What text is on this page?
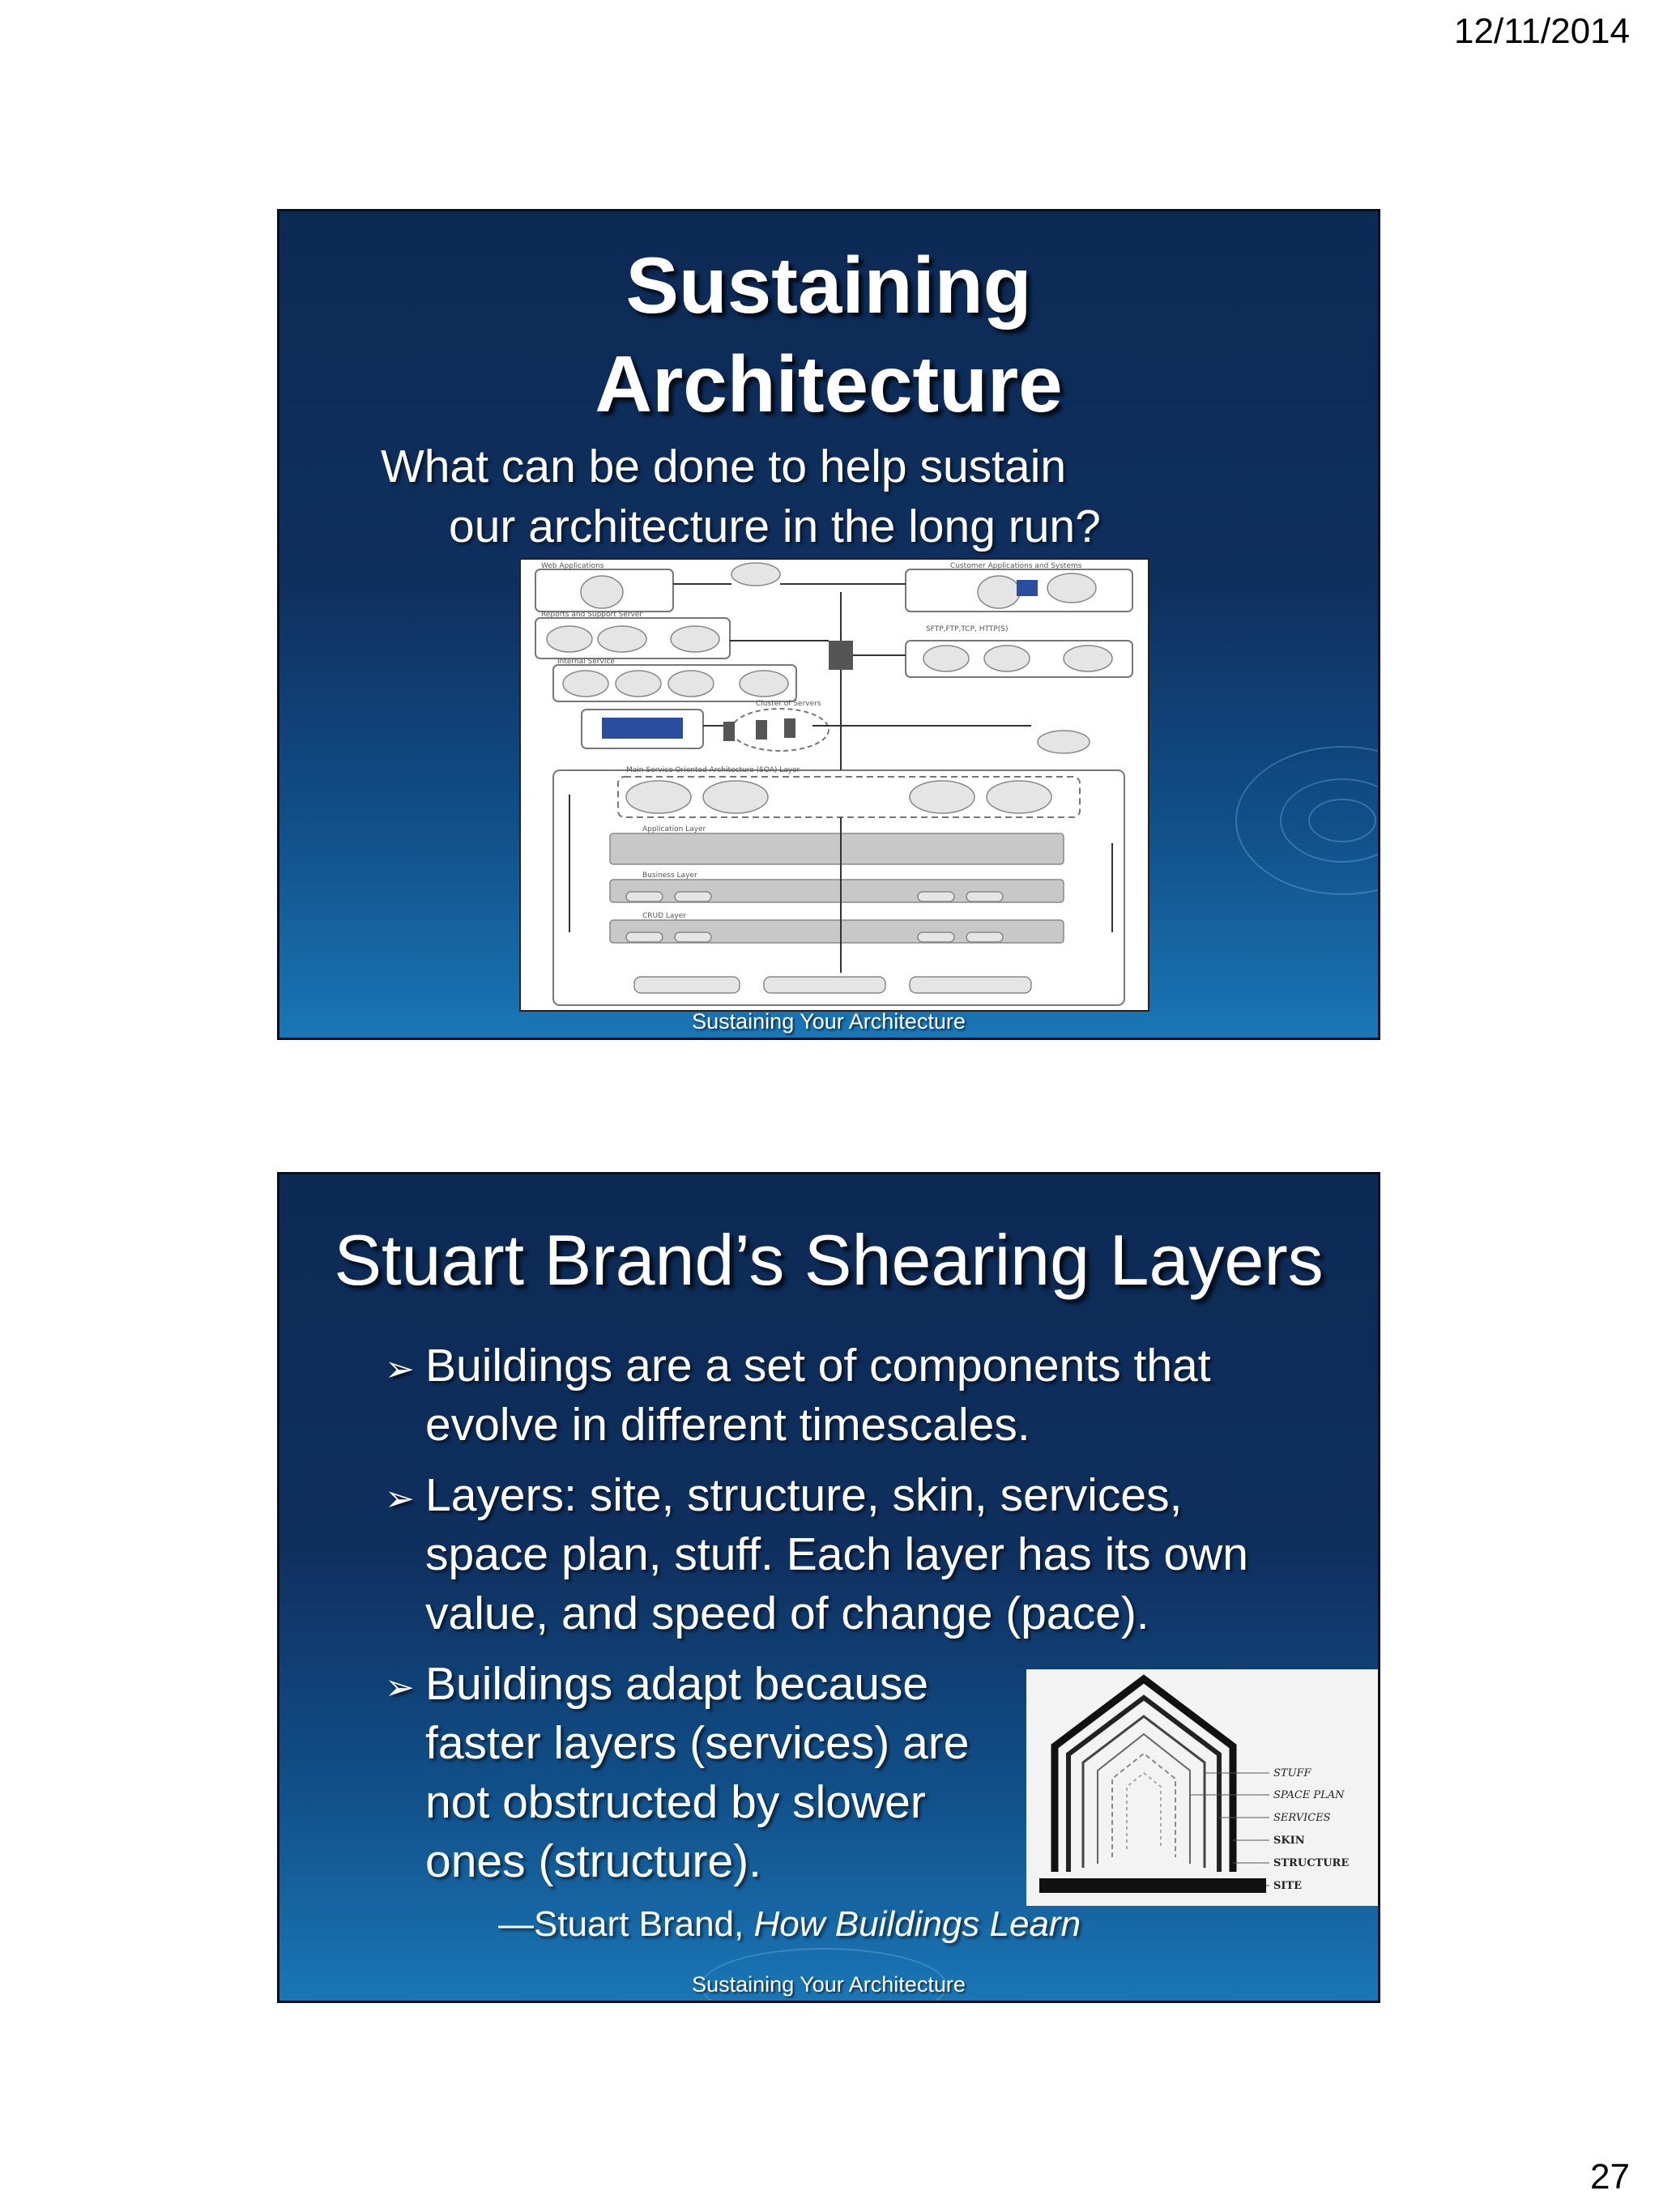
12/11/2014
Sustaining
Architecture
What can be done to help sustain
our architecture in the long run?
Web Applications	Customer Applications and Systems
Reports and Support Server
Internal Service
Main Service Oriented Architecture (SOA) Layer
Application Layer
Business Layer
CRUD Layer
Cluster of Servers
SFTP,FTP,TCP, HTTP(S)
Sustaining Your Architecture
Stuart Brand’s Shearing Layers
➢ Buildings are a set of components that
evolve in different timescales.
➢ Layers: site, structure, skin, services,
space plan, stuff. Each layer has its own
value, and speed of change (pace).
➢ Buildings adapt because
faster layers (services) are
not obstructed by slower
ones (structure).
STUFF
SPACE PLAN
SERVICES
SKIN
STRUCTURE
SITE
—Stuart Brand, How Buildings Learn
Sustaining Your Architecture
27
